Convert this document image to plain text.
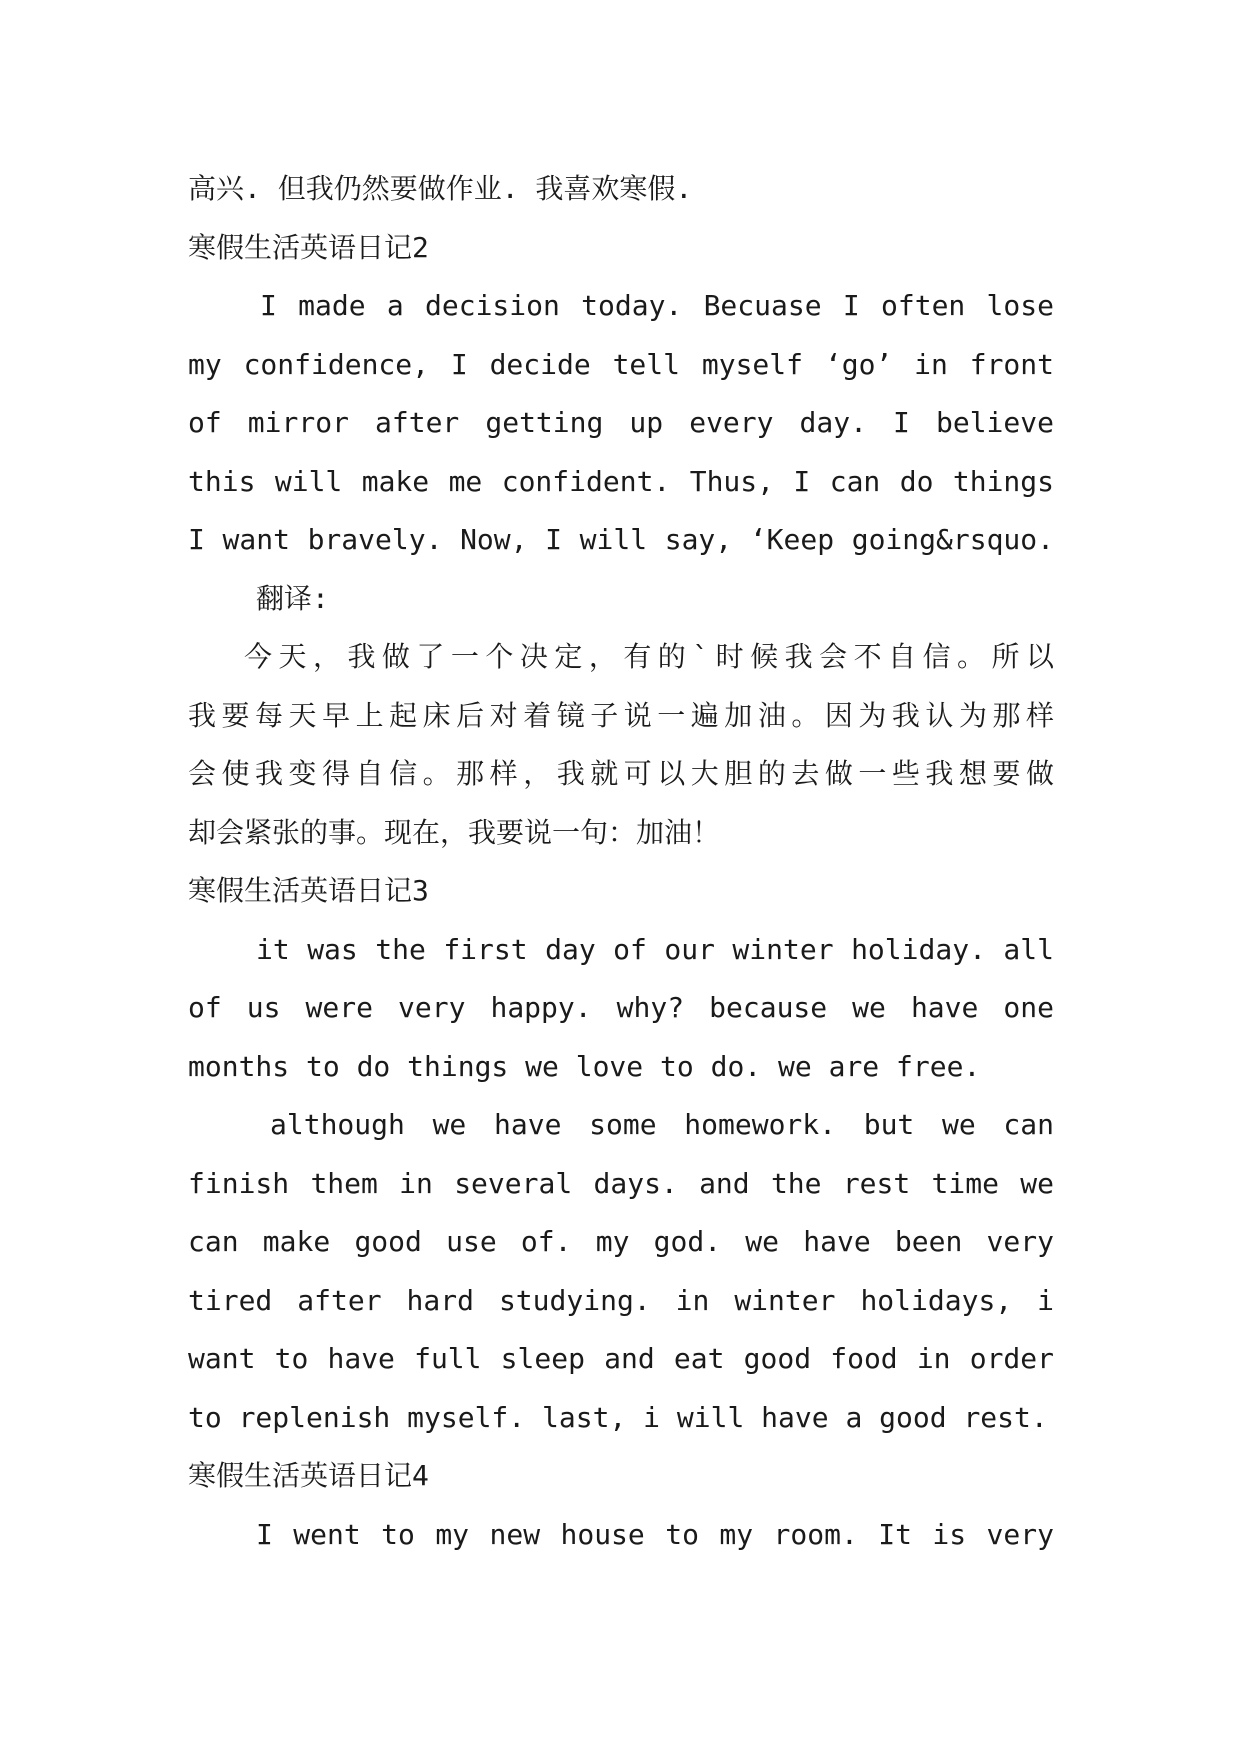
高兴. 但我仍然要做作业. 我喜欢寒假.
寒假生活英语日记2
I made a decision today. Becuase I often lose
my confidence, I decide tell myself ‘go’ in front
of mirror after getting up every day. I believe
this will make me confident. Thus, I can do things
I want bravely. Now, I will say, ‘Keep going&rsquo.
翻译:
今天，我做了一个决定，有的`时候我会不自信。所以
我要每天早上起床后对着镜子说一遍加油。因为我认为那样
会使我变得自信。那样，我就可以大胆的去做一些我想要做
却会紧张的事。现在，我要说一句：加油！
寒假生活英语日记3
it was the first day of our winter holiday. all
of us were very happy. why? because we have one
months to do things we love to do. we are free.
although we have some homework. but we can
finish them in several days. and the rest time we
can make good use of. my god. we have been very
tired after hard studying. in winter holidays, i
want to have full sleep and eat good food in order
to replenish myself. last, i will have a good rest.
寒假生活英语日记4
I went to my new house to my room. It is very
